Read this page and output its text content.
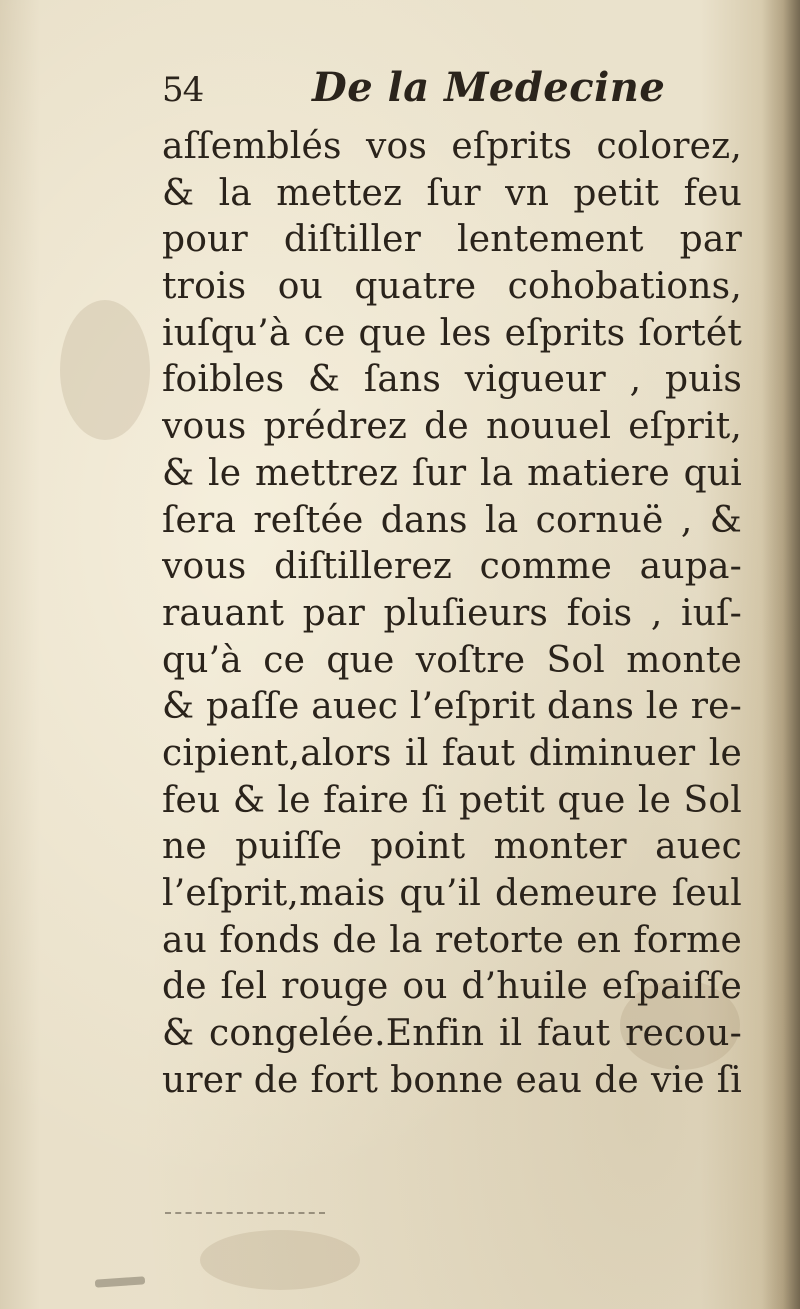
54	De la Medecine
aſſemblés vos eſprits colorez,
& la mettez ſur vn petit feu
pour diſtiller lentement par
trois ou quatre cohobations,
iuſqu’à ce que les eſprits ſortét
foibles & ſans vigueur , puis
vous prédrez de nouuel eſprit,
& le mettrez ſur la matiere qui
ſera reſtée dans la cornuë , &
vous diſtillerez comme aupa-
rauant par pluſieurs fois , iuſ-
qu’à ce que voſtre Sol monte
& paſſe auec l’eſprit dans le re-
cipient,alors il faut diminuer le
feu & le faire ſi petit que le Sol
ne puiſſe point monter auec
l’eſprit,mais qu’il demeure ſeul
au fonds de la retorte en forme
de ſel rouge ou d’huile eſpaiſſe
& congelée.Enfin il faut recou-
urer de fort bonne eau de vie ſi
